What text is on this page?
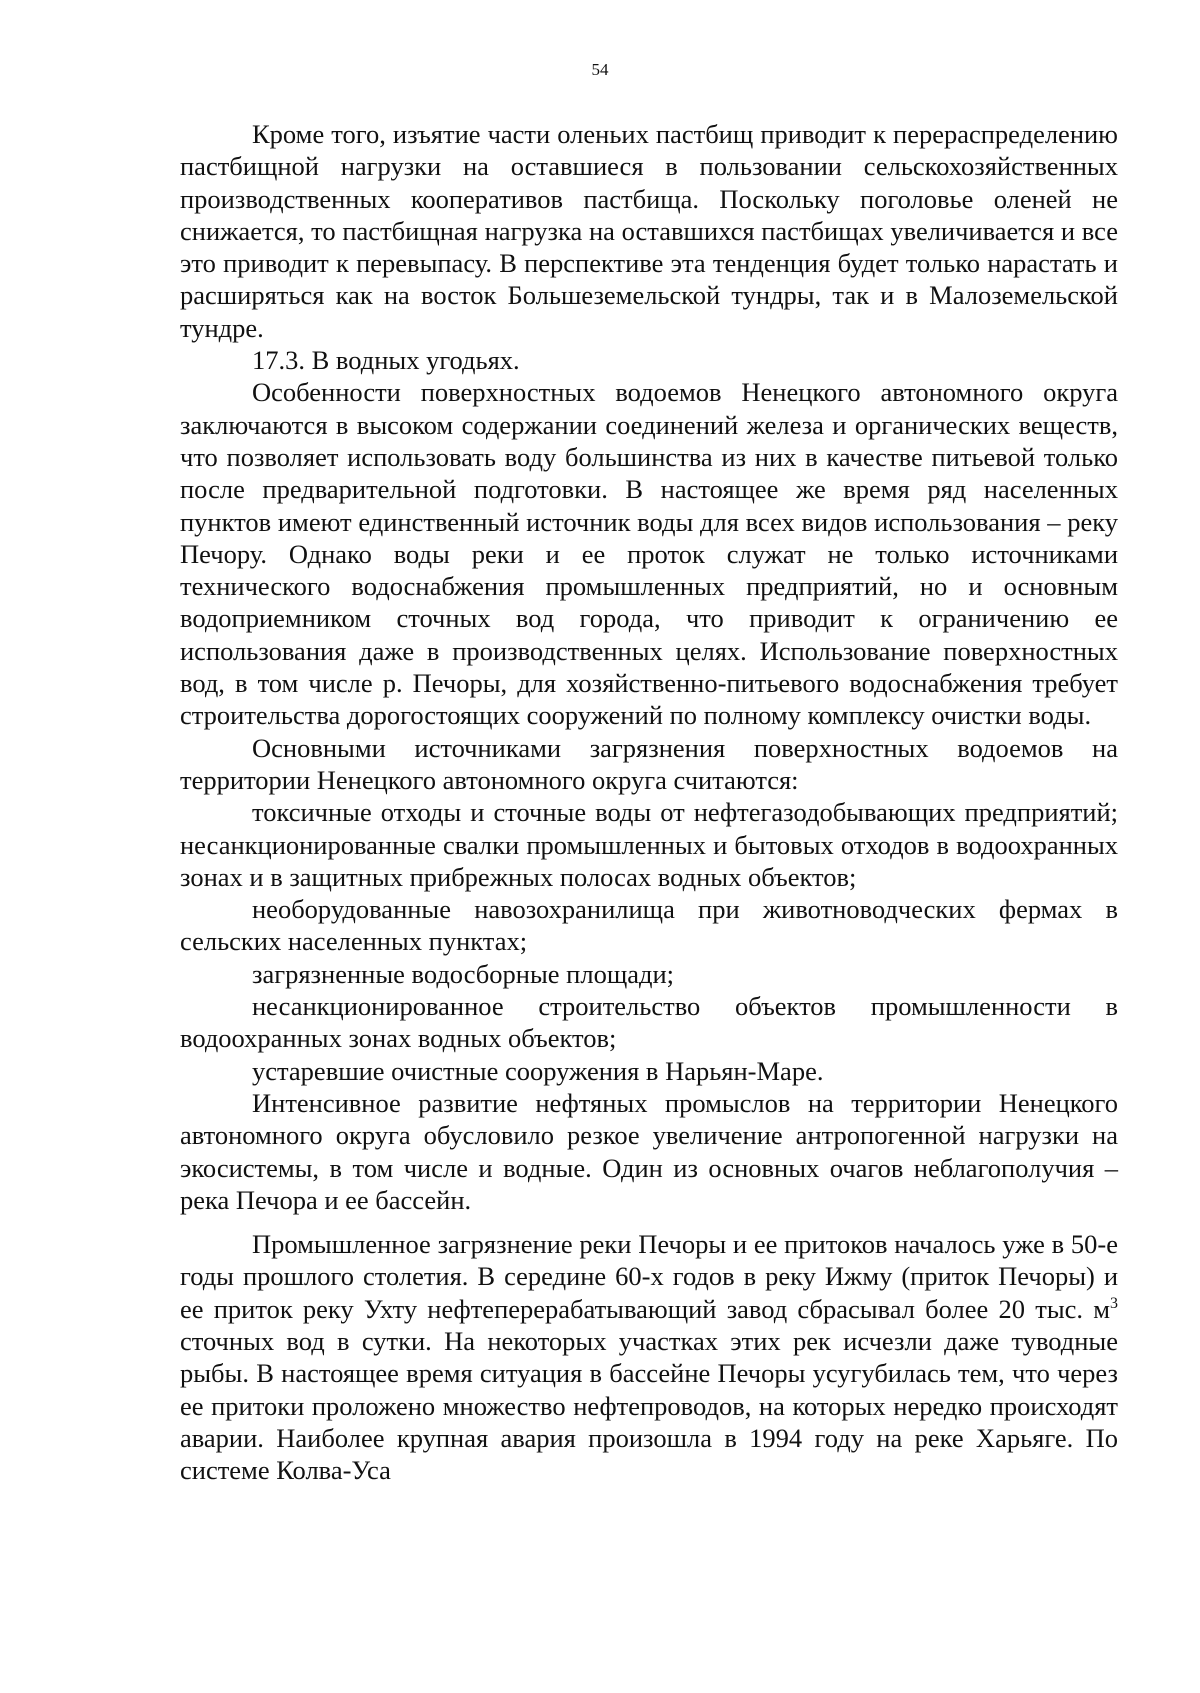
54

Кроме того, изъятие части оленьих пастбищ приводит к перераспределению пастбищной нагрузки на оставшиеся в пользовании сельскохозяйственных производственных кооперативов пастбища. Поскольку поголовье оленей не снижается, то пастбищная нагрузка на оставшихся пастбищах увеличивается и все это приводит к перевыпасу. В перспективе эта тенденция будет только нарастать и расширяться как на восток Большеземельской тундры, так и в Малоземельской тундре.

17.3. В водных угодьях.

Особенности поверхностных водоемов Ненецкого автономного округа заключаются в высоком содержании соединений железа и органических веществ, что позволяет использовать воду большинства из них в качестве питьевой только после предварительной подготовки. В настоящее же время ряд населенных пунктов имеют единственный источник воды для всех видов использования – реку Печору. Однако воды реки и ее проток служат не только источниками технического водоснабжения промышленных предприятий, но и основным водоприемником сточных вод города, что приводит к ограничению ее использования даже в производственных целях. Использование поверхностных вод, в том числе р. Печоры, для хозяйственно-питьевого водоснабжения требует строительства дорогостоящих сооружений по полному комплексу очистки воды.

Основными источниками загрязнения поверхностных водоемов на территории Ненецкого автономного округа считаются:

токсичные отходы и сточные воды от нефтегазодобывающих предприятий; несанкционированные свалки промышленных и бытовых отходов в водоохранных зонах и в защитных прибрежных полосах водных объектов;

необорудованные навозохранилища при животноводческих фермах в сельских населенных пунктах;

загрязненные водосборные площади;

несанкционированное строительство объектов промышленности в водоохранных зонах водных объектов;

устаревшие очистные сооружения в Нарьян-Маре.

Интенсивное развитие нефтяных промыслов на территории Ненецкого автономного округа обусловило резкое увеличение антропогенной нагрузки на экосистемы, в том числе и водные. Один из основных очагов неблагополучия – река Печора и ее бассейн.

Промышленное загрязнение реки Печоры и ее притоков началось уже в 50-е годы прошлого столетия. В середине 60-х годов в реку Ижму (приток Печоры) и ее приток реку Ухту нефтеперерабатывающий завод сбрасывал более 20 тыс. $м^3$ сточных вод в сутки. На некоторых участках этих рек исчезли даже туводные рыбы. В настоящее время ситуация в бассейне Печоры усугубилась тем, что через ее притоки проложено множество нефтепроводов, на которых нередко происходят аварии. Наиболее крупная авария произошла в 1994 году на реке Харьяге. По системе Колва-Уса
